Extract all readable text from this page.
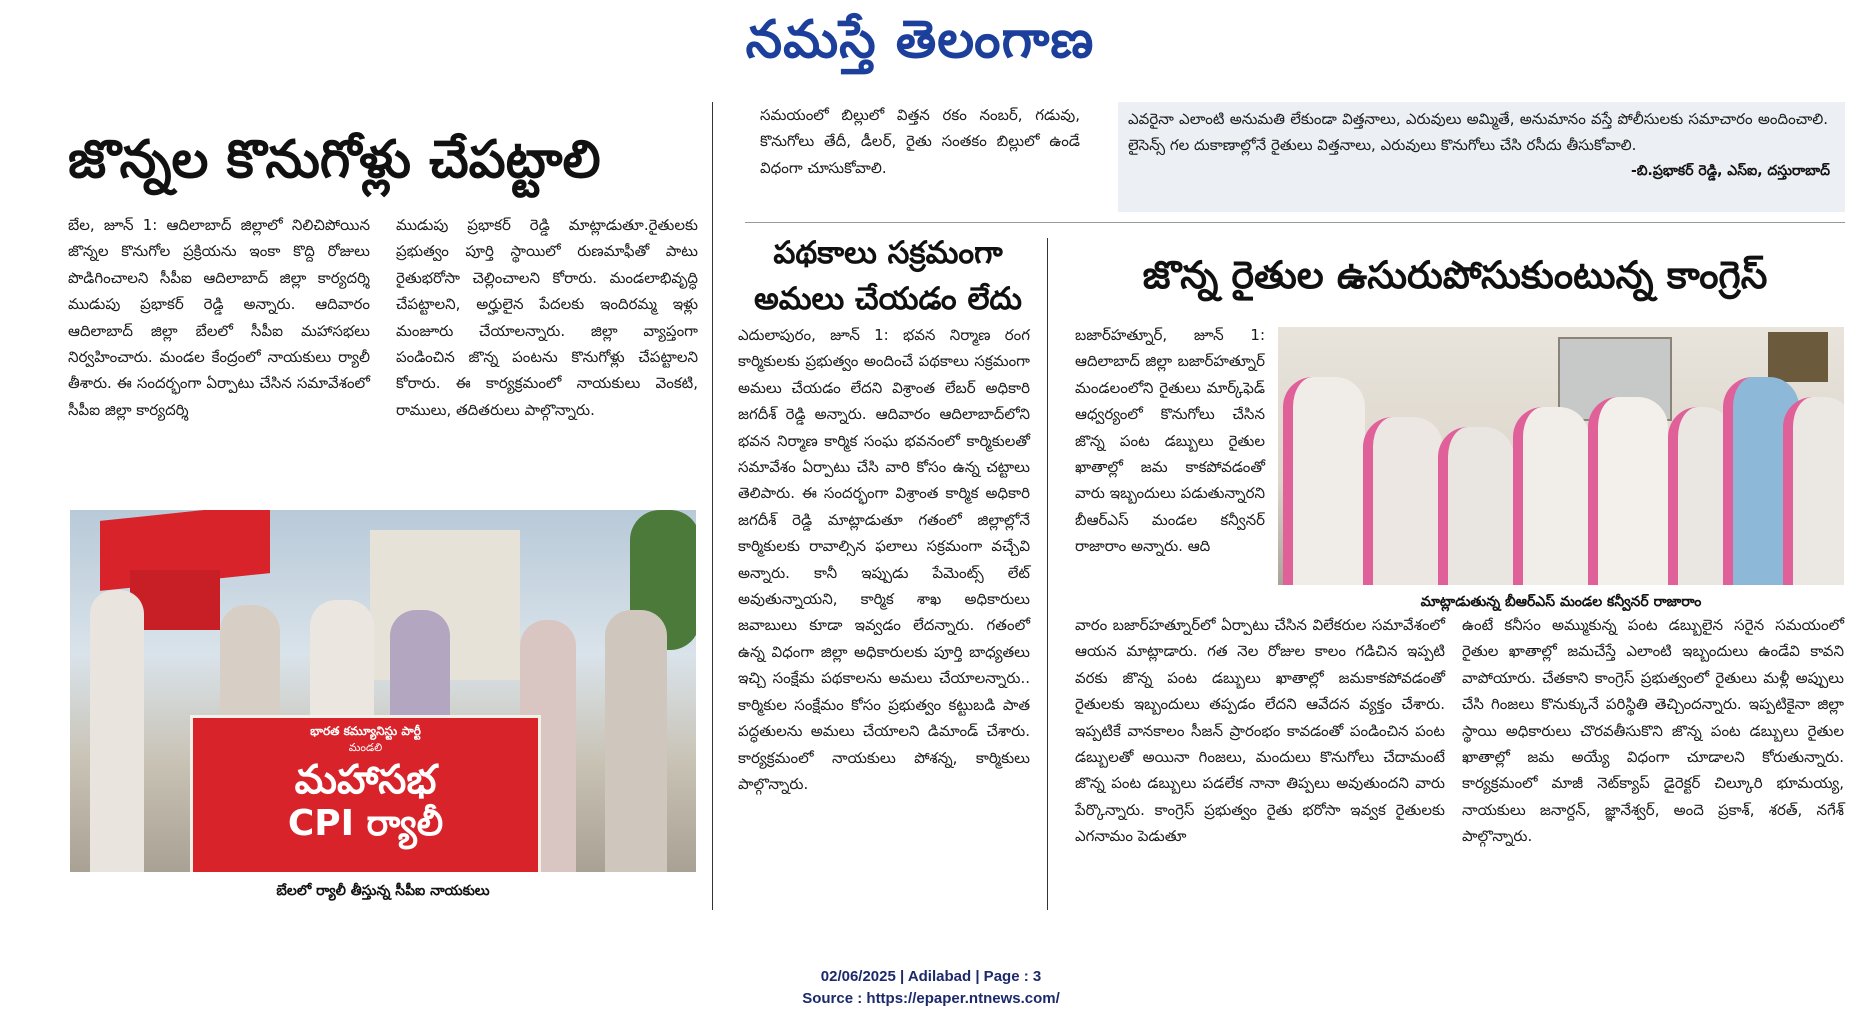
నమస్తే తెలంగాణ
జొన్నల కొనుగోళ్లు చేపట్టాలి
బేల, జూన్ 1: ఆదిలాబాద్ జిల్లాలో నిలిచిపోయిన జొన్నల కొనుగోల ప్రక్రియను ఇంకా కొద్ది రోజులు పొడిగించాలని సీపీఐ ఆదిలాబాద్ జిల్లా కార్యదర్శి ముడుపు ప్రభాకర్ రెడ్డి అన్నారు. ఆదివారం ఆదిలాబాద్ జిల్లా బేలలో సీపీఐ మహాసభలు నిర్వహించారు. మండల కేంద్రంలో నాయకులు ర్యాలీ తీశారు. ఈ సందర్భంగా ఏర్పాటు చేసిన సమావేశంలో సీపీఐ జిల్లా కార్యదర్శి
ముడుపు ప్రభాకర్ రెడ్డి మాట్లాడుతూ.రైతులకు ప్రభుత్వం పూర్తి స్థాయిలో రుణమాఫీతో పాటు రైతుభరోసా చెల్లించాలని కోరారు. మండలాభివృద్ధి చేపట్టాలని, అర్హులైన పేదలకు ఇందిరమ్మ ఇళ్లు మంజూరు చేయాలన్నారు. జిల్లా వ్యాప్తంగా పండించిన జొన్న పంటను కొనుగోళ్లు చేపట్టాలని కోరారు. ఈ కార్యక్రమంలో నాయకులు వెంకటి, రాములు, తదితరులు పాల్గొన్నారు.
భారత కమ్యూనిస్టు పార్టీ
మండలి
మహాసభ
CPI ర్యాలీ
బేలలో ర్యాలీ తీస్తున్న సీపీఐ నాయకులు
సమయంలో బిల్లులో విత్తన రకం నంబర్, గడువు, కొనుగోలు తేదీ, డీలర్, రైతు సంతకం బిల్లులో ఉండే విధంగా చూసుకోవాలి.
ఎవరైనా ఎలాంటి అనుమతి లేకుండా విత్తనాలు, ఎరువులు అమ్మితే, అనుమానం వస్తే పోలీసులకు సమాచారం అందించాలి. లైసెన్స్ గల దుకాణాల్లోనే రైతులు విత్తనాలు, ఎరువులు కొనుగోలు చేసి రసీదు తీసుకోవాలి.
-బి.ప్రభాకర్ రెడ్డి, ఎస్ఐ, దస్తురాబాద్
పథకాలు సక్రమంగా
అమలు చేయడం లేదు
ఎదులాపురం, జూన్ 1: భవన నిర్మాణ రంగ కార్మికులకు ప్రభుత్వం అందించే పథకాలు సక్రమంగా అమలు చేయడం లేదని విశ్రాంత లేబర్ అధికారి జగదీశ్ రెడ్డి అన్నారు. ఆదివారం ఆదిలాబాద్‌లోని భవన నిర్మాణ కార్మిక సంఘ భవనంలో కార్మికులతో సమావేశం ఏర్పాటు చేసి వారి కోసం ఉన్న చట్టాలు తెలిపారు. ఈ సందర్భంగా విశ్రాంత కార్మిక అధికారి జగదీశ్ రెడ్డి మాట్లాడుతూ గతంలో జిల్లాల్లోనే కార్మికులకు రావాల్సిన ఫలాలు సక్రమంగా వచ్చేవి అన్నారు. కానీ ఇప్పుడు పేమెంట్స్ లేట్ అవుతున్నాయని, కార్మిక శాఖ అధికారులు జవాబులు కూడా ఇవ్వడం లేదన్నారు. గతంలో ఉన్న విధంగా జిల్లా అధికారులకు పూర్తి బాధ్యతలు ఇచ్చి సంక్షేమ పథకాలను అమలు చేయాలన్నారు.. కార్మికుల సంక్షేమం కోసం ప్రభుత్వం కట్టుబడి పాత పద్ధతులను అమలు చేయాలని డిమాండ్ చేశారు. కార్యక్రమంలో నాయకులు పోశన్న, కార్మికులు పాల్గొన్నారు.
జొన్న రైతుల ఉసురుపోసుకుంటున్న కాంగ్రెస్
బజార్‌హత్నూర్, జూన్ 1: ఆదిలాబాద్ జిల్లా బజార్‌హత్నూర్ మండలంలోని రైతులు మార్క్‌ఫెడ్ ఆధ్వర్యంలో కొనుగోలు చేసిన జొన్న పంట డబ్బులు రైతుల ఖాతాల్లో జమ కాకపోవడంతో వారు ఇబ్బందులు పడుతున్నారని బీఆర్ఎస్ మండల కన్వీనర్ రాజారాం అన్నారు. ఆది
మాట్లాడుతున్న బీఆర్ఎస్ మండల కన్వీనర్ రాజారాం
వారం బజార్‌హత్నూర్‌లో ఏర్పాటు చేసిన విలేకరుల సమావేశంలో ఆయన మాట్లాడారు. గత నెల రోజుల కాలం గడిచిన ఇప్పటి వరకు జొన్న పంట డబ్బులు ఖాతాల్లో జమకాకపోవడంతో రైతులకు ఇబ్బందులు తప్పడం లేదని ఆవేదన వ్యక్తం చేశారు. ఇప్పటికే వానకాలం సీజన్ ప్రారంభం కావడంతో పండించిన పంట డబ్బులతో అయినా గింజలు, మందులు కొనుగోలు చేదామంటే జొన్న పంట డబ్బులు పడలేక నానా తిప్పలు అవుతుందని వారు పేర్కొన్నారు. కాంగ్రెస్ ప్రభుత్వం రైతు భరోసా ఇవ్వక రైతులకు ఎగనామం పెడుతూ
ఉంటే కనీసం అమ్ముకున్న పంట డబ్బులైన సరైన సమయంలో రైతుల ఖాతాల్లో జమచేస్తే ఎలాంటి ఇబ్బందులు ఉండేవి కావని వాపోయారు. చేతకాని కాంగ్రెస్ ప్రభుత్వంలో రైతులు మళ్లీ అప్పులు చేసి గింజలు కొనుక్కునే పరిస్థితి తెచ్చిందన్నారు. ఇప్పటికైనా జిల్లా స్థాయి అధికారులు చొరవతీసుకొని జొన్న పంట డబ్బులు రైతుల ఖాతాల్లో జమ అయ్యే విధంగా చూడాలని కోరుతున్నారు. కార్యక్రమంలో మాజీ నెట్‌క్యాప్ డైరెక్టర్ చిల్కూరి భూమయ్య, నాయకులు జనార్దన్, జ్ఞానేశ్వర్, అందె ప్రకాశ్, శరత్, నగేశ్ పాల్గొన్నారు.
02/06/2025 | Adilabad | Page : 3
Source : https://epaper.ntnews.com/
